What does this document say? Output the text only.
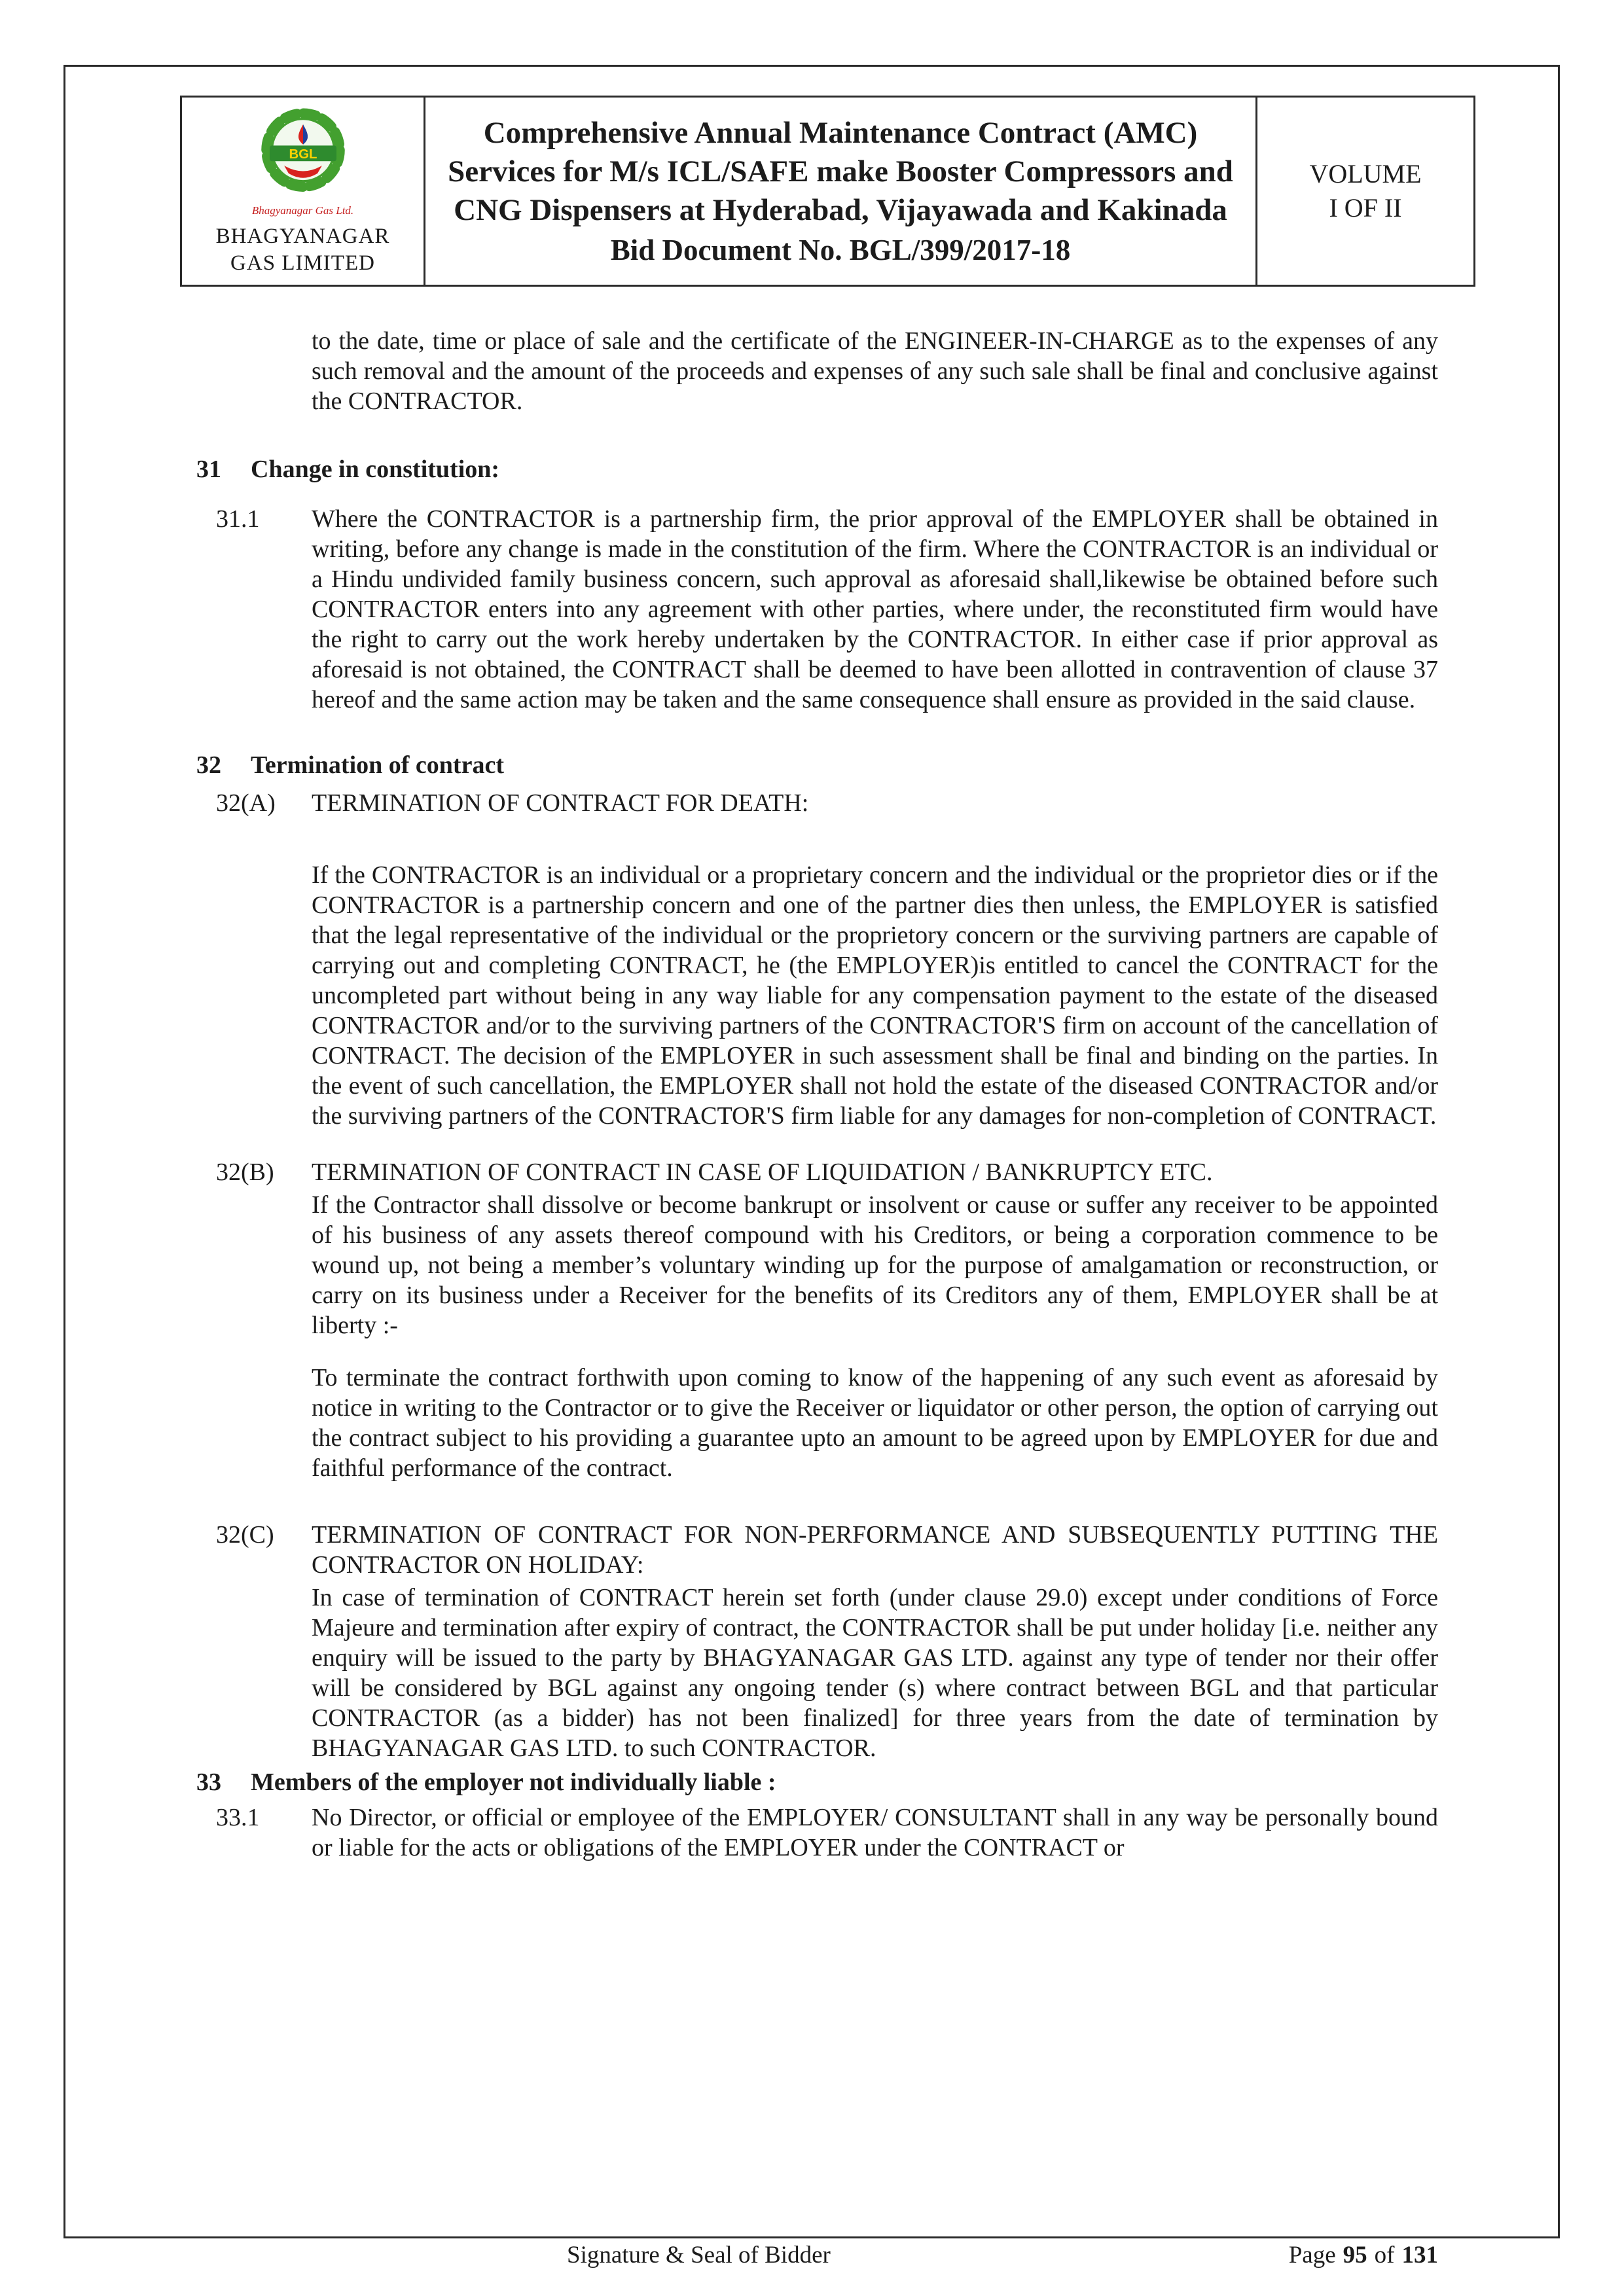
BGL
Bhagyanagar Gas Ltd.
BHAGYANAGAR
GAS LIMITED
Comprehensive Annual Maintenance Contract (AMC) Services for M/s ICL/SAFE make Booster Compressors and CNG Dispensers at Hyderabad, Vijayawada and Kakinada
Bid Document No. BGL/399/2017-18
VOLUME
I OF II

to the date, time or place of sale and the certificate of the ENGINEER-IN-CHARGE as to the expenses of any such removal and the amount of the proceeds and expenses of any such sale shall be final and conclusive against the CONTRACTOR.

31	Change in constitution:
31.1	Where the CONTRACTOR is a partnership firm, the prior approval of the EMPLOYER shall be obtained in writing, before any change is made in the constitution of the firm. Where the CONTRACTOR is an individual or a Hindu undivided family business concern, such approval as aforesaid shall,likewise be obtained before such CONTRACTOR enters into any agreement with other parties, where under, the reconstituted firm would have the right to carry out the work hereby undertaken by the CONTRACTOR. In either case if prior approval as aforesaid is not obtained, the CONTRACT shall be deemed to have been allotted in contravention of clause 37 hereof and the same action may be taken and the same consequence shall ensure as provided in the said clause.
32	Termination of contract
32(A)	TERMINATION OF CONTRACT FOR DEATH:
If the CONTRACTOR is an individual or a proprietary concern and the individual or the proprietor dies or if the CONTRACTOR is a partnership concern and one of the partner dies then unless, the EMPLOYER is satisfied that the legal representative of the individual or the proprietory concern or the surviving partners are capable of carrying out and completing CONTRACT, he (the EMPLOYER)is entitled to cancel the CONTRACT for the uncompleted part without being in any way liable for any compensation payment to the estate of the diseased CONTRACTOR and/or to the surviving partners of the CONTRACTOR'S firm on account of the cancellation of CONTRACT. The decision of the EMPLOYER in such assessment shall be final and binding on the parties. In the event of such cancellation, the EMPLOYER shall not hold the estate of the diseased CONTRACTOR and/or the surviving partners of the CONTRACTOR'S firm liable for any damages for non-completion of CONTRACT.
32(B)	TERMINATION OF CONTRACT IN CASE OF LIQUIDATION / BANKRUPTCY ETC.
If the Contractor shall dissolve or become bankrupt or insolvent or cause or suffer any receiver to be appointed of his business of any assets thereof compound with his Creditors, or being a corporation commence to be wound up, not being a member’s voluntary winding up for the purpose of amalgamation or reconstruction, or carry on its business under a Receiver for the benefits of its Creditors any of them, EMPLOYER shall be at liberty :-
To terminate the contract forthwith upon coming to know of the happening of any such event as aforesaid by notice in writing to the Contractor or to give the Receiver or liquidator or other person, the option of carrying out the contract subject to his providing a guarantee upto an amount to be agreed upon by EMPLOYER for due and faithful performance of the contract.
32(C)	TERMINATION OF CONTRACT FOR NON-PERFORMANCE AND SUBSEQUENTLY PUTTING THE CONTRACTOR ON HOLIDAY:
In case of termination of CONTRACT herein set forth (under clause 29.0) except under conditions of Force Majeure and termination after expiry of contract, the CONTRACTOR shall be put under holiday [i.e. neither any enquiry will be issued to the party by BHAGYANAGAR GAS LTD. against any type of tender nor their offer will be considered by BGL against any ongoing tender (s) where contract between BGL and that particular CONTRACTOR (as a bidder) has not been finalized] for three years from the date of termination by BHAGYANAGAR GAS LTD. to such CONTRACTOR.
33	Members of the employer not individually liable :
33.1	No Director, or official or employee of the EMPLOYER/ CONSULTANT shall in any way be personally bound or liable for the acts or obligations of the EMPLOYER under the CONTRACT or
Signature & Seal of Bidder	Page 95 of 131
